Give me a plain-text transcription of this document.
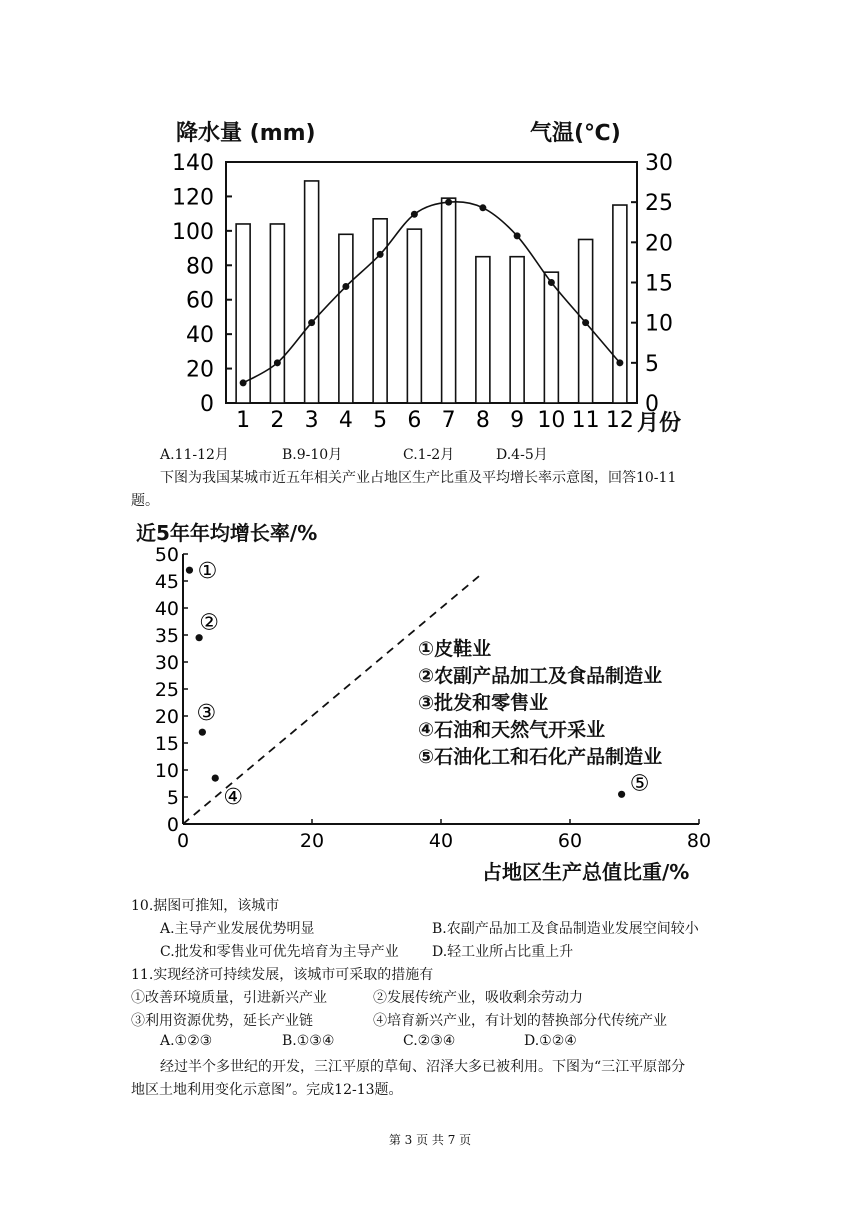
降水量 (mm)	气温(℃)
月份
0
20
40
60
80
100
120
140
0
5
10
15
20
25
30
1 2 3 4 5 6 7 8 9 10 11 12
A.11-12月	B.9-10月	C.1-2月	D.4-5月
下图为我国某城市近五年相关产业占地区生产比重及平均增长率示意图，回答10-11
题。
近5年年均增长率/%
占地区生产总值比重/%
0
5
10
15
20
25
30
35
40
45
50
0	20	40	60	80
①
②
③
④
⑤
①皮鞋业
②农副产品加工及食品制造业
③批发和零售业
④石油和天然气开采业
⑤石油化工和石化产品制造业
10.据图可推知，该城市
A.主导产业发展优势明显	B.农副产品加工及食品制造业发展空间较小
C.批发和零售业可优先培育为主导产业 D.轻工业所占比重上升
11.实现经济可持续发展，该城市可采取的措施有
①改善环境质量，引进新兴产业	②发展传统产业，吸收剩余劳动力
③利用资源优势，延长产业链	④培育新兴产业，有计划的替换部分代传统产业
A.①②③	B.①③④	C.②③④	D.①②④
经过半个多世纪的开发，三江平原的草甸、沼泽大多已被利用。下图为“三江平原部分
地区土地利用变化示意图”。完成12-13题。
第 3 页 共 7 页
